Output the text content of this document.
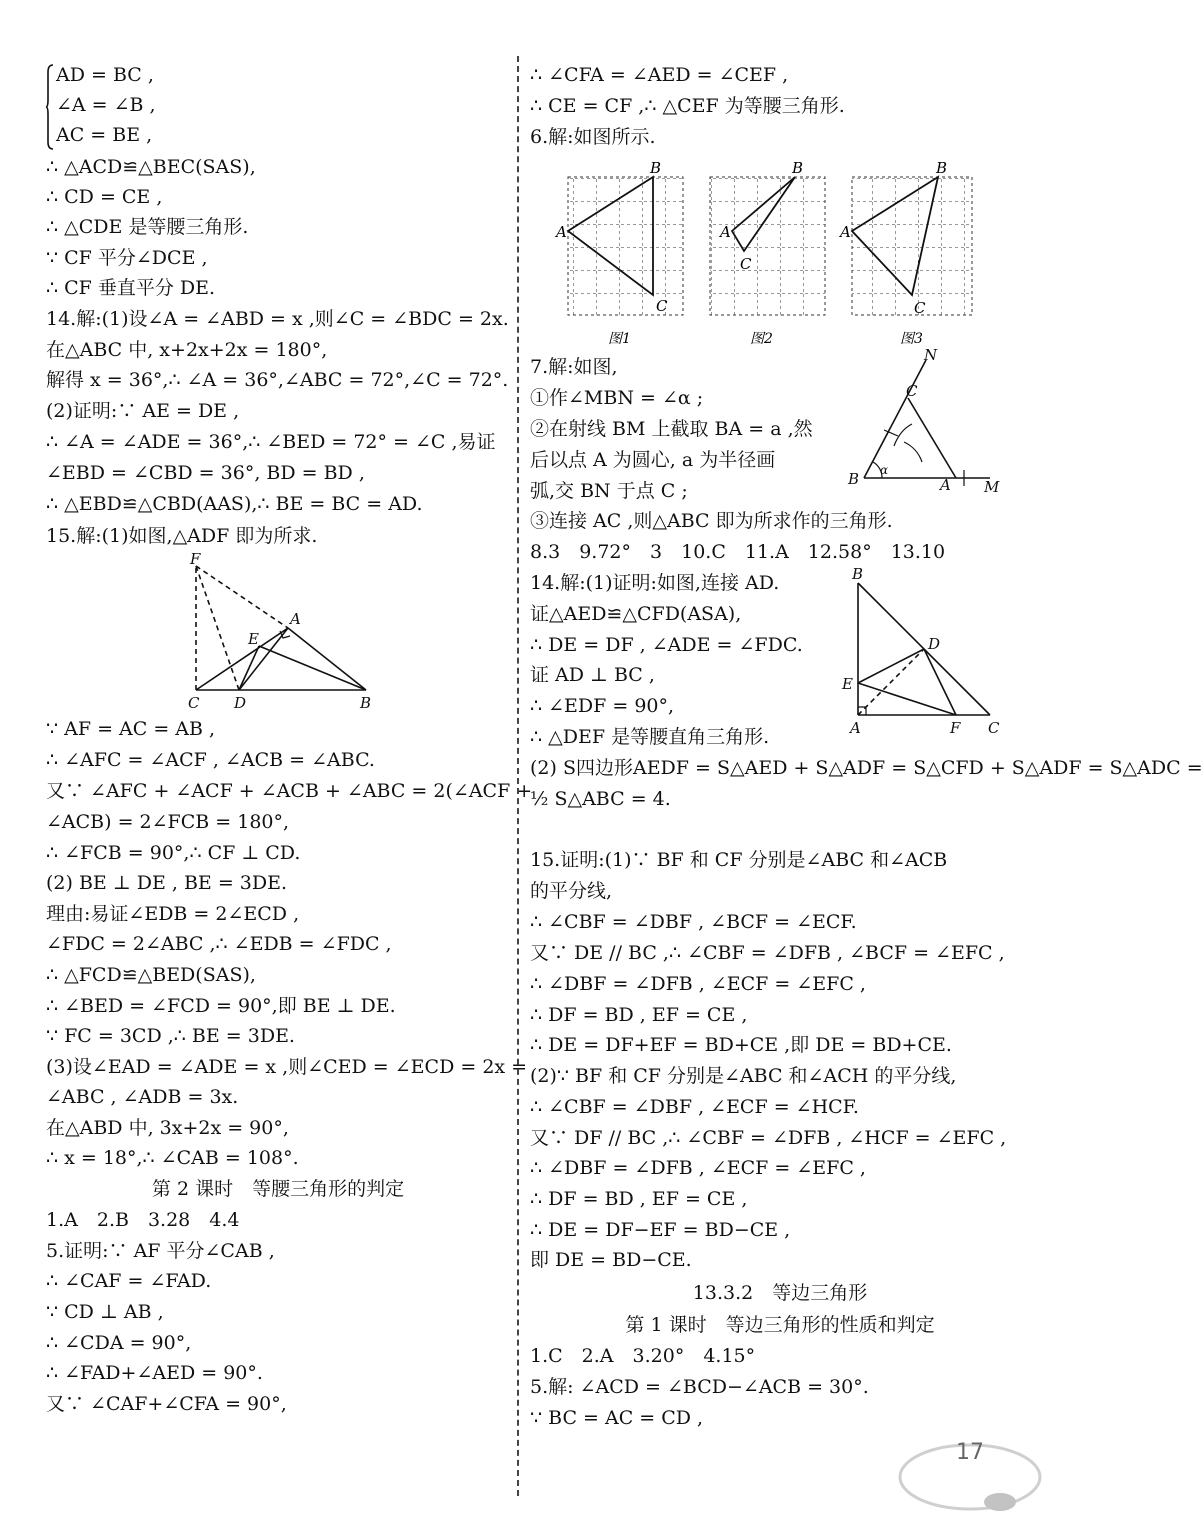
AD = BC ,
∠A = ∠B ,
AC = BE ,
∴ △ACD≌△BEC(SAS),
∴ CD = CE ,
∴ △CDE 是等腰三角形.
∵ CF 平分∠DCE ,
∴ CF 垂直平分 DE.
14.解:(1)设∠A = ∠ABD = x ,则∠C = ∠BDC = 2x.
在△ABC 中, x+2x+2x = 180°,
解得 x = 36°,∴ ∠A = 36°,∠ABC = 72°,∠C = 72°.
(2)证明:∵ AE = DE ,
∴ ∠A = ∠ADE = 36°,∴ ∠BED = 72° = ∠C ,易证
∠EBD = ∠CBD = 36°, BD = BD ,
∴ △EBD≌△CBD(AAS),∴ BE = BC = AD.
15.解:(1)如图,△ADF 即为所求.
F
A
E
C D	B
∵ AF = AC = AB ,
∴ ∠AFC = ∠ACF , ∠ACB = ∠ABC.
又∵ ∠AFC + ∠ACF + ∠ACB + ∠ABC = 2(∠ACF +
∠ACB) = 2∠FCB = 180°,
∴ ∠FCB = 90°,∴ CF ⊥ CD.
(2) BE ⊥ DE , BE = 3DE.
理由:易证∠EDB = 2∠ECD ,
∠FDC = 2∠ABC ,∴ ∠EDB = ∠FDC ,
∴ △FCD≌△BED(SAS),
∴ ∠BED = ∠FCD = 90°,即 BE ⊥ DE.
∵ FC = 3CD ,∴ BE = 3DE.
(3)设∠EAD = ∠ADE = x ,则∠CED = ∠ECD = 2x =
∠ABC , ∠ADB = 3x.
在△ABD 中, 3x+2x = 90°,
∴ x = 18°,∴ ∠CAB = 108°.
第 2 课时　等腰三角形的判定
1.A　2.B　3.28　4.4
5.证明:∵ AF 平分∠CAB ,
∴ ∠CAF = ∠FAD.
∵ CD ⊥ AB ,
∴ ∠CDA = 90°,
∴ ∠FAD+∠AED = 90°.
又∵ ∠CAF+∠CFA = 90°,
∴ ∠CFA = ∠AED = ∠CEF ,
∴ CE = CF ,∴ △CEF 为等腰三角形.
6.解:如图所示.
B
A
C
B
A
C
B
A
C
图1	图2	图3
7.解:如图,
①作∠MBN = ∠α ;
②在射线 BM 上截取 BA = a ,然
后以点 A 为圆心, a 为半径画
弧,交 BN 于点 C ;
N
C
α
B	A M
③连接 AC ,则△ABC 即为所求作的三角形.
8.3　9.72°　3　10.C　11.A　12.58°　13.10
14.解:(1)证明:如图,连接 AD.
证△AED≌△CFD(ASA),
∴ DE = DF , ∠ADE = ∠FDC.
证 AD ⊥ BC ,
∴ ∠EDF = 90°,
∴ △DEF 是等腰直角三角形.
B
D
E
A	F C
(2) S四边形AEDF = S△AED + S△ADF = S△CFD + S△ADF = S△ADC =
½ S△ABC = 4.
15.证明:(1)∵ BF 和 CF 分别是∠ABC 和∠ACB
的平分线,
∴ ∠CBF = ∠DBF , ∠BCF = ∠ECF.
又∵ DE // BC ,∴ ∠CBF = ∠DFB , ∠BCF = ∠EFC ,
∴ ∠DBF = ∠DFB , ∠ECF = ∠EFC ,
∴ DF = BD , EF = CE ,
∴ DE = DF+EF = BD+CE ,即 DE = BD+CE.
(2)∵ BF 和 CF 分别是∠ABC 和∠ACH 的平分线,
∴ ∠CBF = ∠DBF , ∠ECF = ∠HCF.
又∵ DF // BC ,∴ ∠CBF = ∠DFB , ∠HCF = ∠EFC ,
∴ ∠DBF = ∠DFB , ∠ECF = ∠EFC ,
∴ DF = BD , EF = CE ,
∴ DE = DF−EF = BD−CE ,
即 DE = BD−CE.
13.3.2　等边三角形
第 1 课时　等边三角形的性质和判定
1.C　2.A　3.20°　4.15°
5.解: ∠ACD = ∠BCD−∠ACB = 30°.
∵ BC = AC = CD ,
17
